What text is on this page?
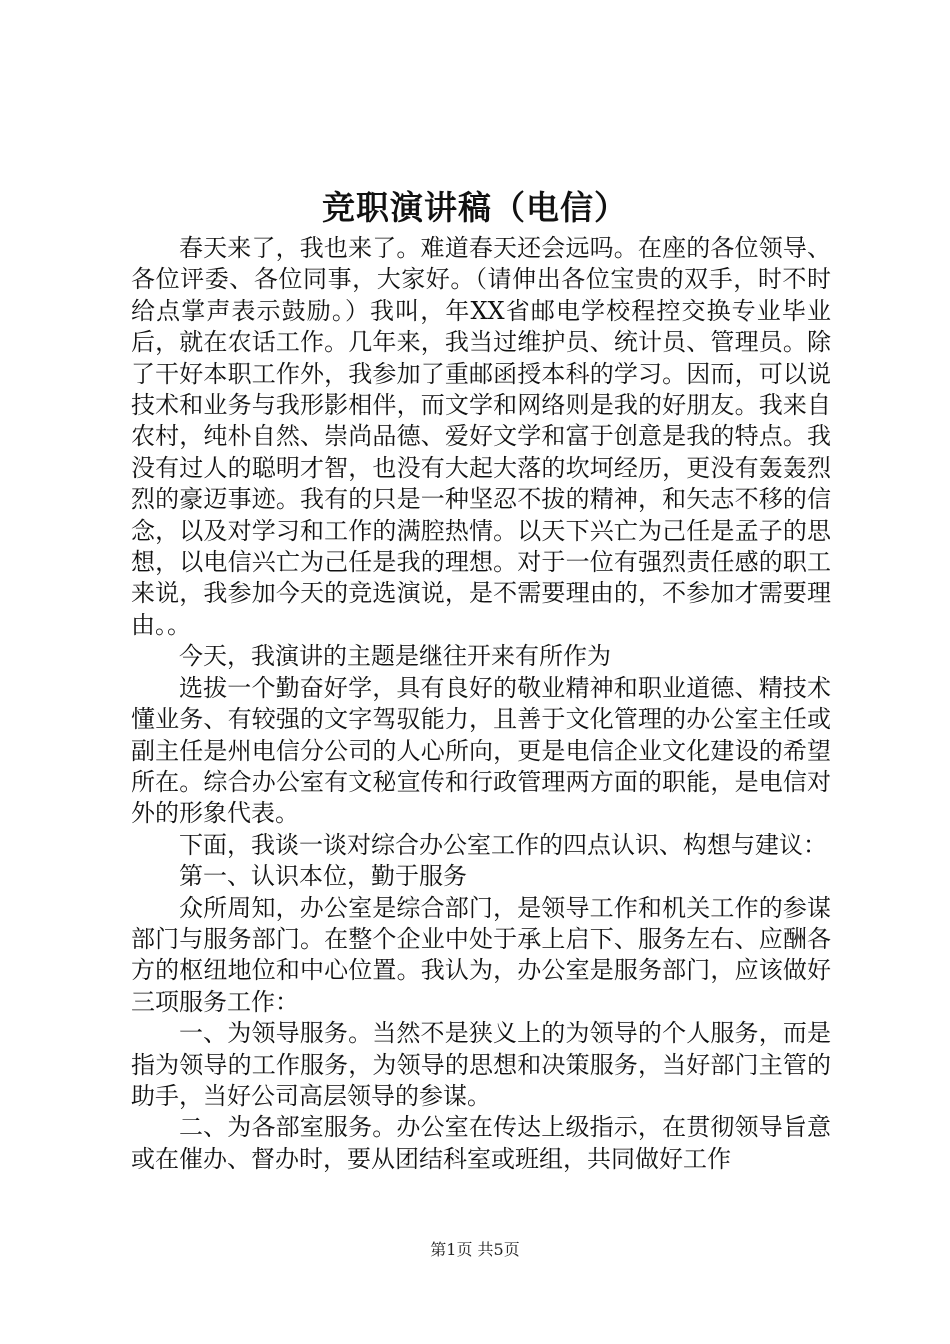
竞职演讲稿（电信）

春天来了，我也来了。难道春天还会远吗。在座的各位领导、各位评委、各位同事，大家好。（请伸出各位宝贵的双手，时不时给点掌声表示鼓励。）我叫，年XX省邮电学校程控交换专业毕业后，就在农话工作。几年来，我当过维护员、统计员、管理员。除了干好本职工作外，我参加了重邮函授本科的学习。因而，可以说技术和业务与我形影相伴，而文学和网络则是我的好朋友。我来自农村，纯朴自然、崇尚品德、爱好文学和富于创意是我的特点。我没有过人的聪明才智，也没有大起大落的坎坷经历，更没有轰轰烈烈的豪迈事迹。我有的只是一种坚忍不拔的精神，和矢志不移的信念，以及对学习和工作的满腔热情。以天下兴亡为己任是孟子的思想，以电信兴亡为己任是我的理想。对于一位有强烈责任感的职工来说，我参加今天的竞选演说，是不需要理由的，不参加才需要理由。。

今天，我演讲的主题是继往开来有所作为

选拔一个勤奋好学，具有良好的敬业精神和职业道德、精技术懂业务、有较强的文字驾驭能力，且善于文化管理的办公室主任或副主任是州电信分公司的人心所向，更是电信企业文化建设的希望所在。综合办公室有文秘宣传和行政管理两方面的职能，是电信对外的形象代表。

下面，我谈一谈对综合办公室工作的四点认识、构想与建议：

第一、认识本位，勤于服务

众所周知，办公室是综合部门，是领导工作和机关工作的参谋部门与服务部门。在整个企业中处于承上启下、服务左右、应酬各方的枢纽地位和中心位置。我认为，办公室是服务部门，应该做好三项服务工作：

一、为领导服务。当然不是狭义上的为领导的个人服务，而是指为领导的工作服务，为领导的思想和决策服务，当好部门主管的助手，当好公司高层领导的参谋。

二、为各部室服务。办公室在传达上级指示，在贯彻领导旨意或在催办、督办时，要从团结科室或班组，共同做好工作

第1页 共5页
